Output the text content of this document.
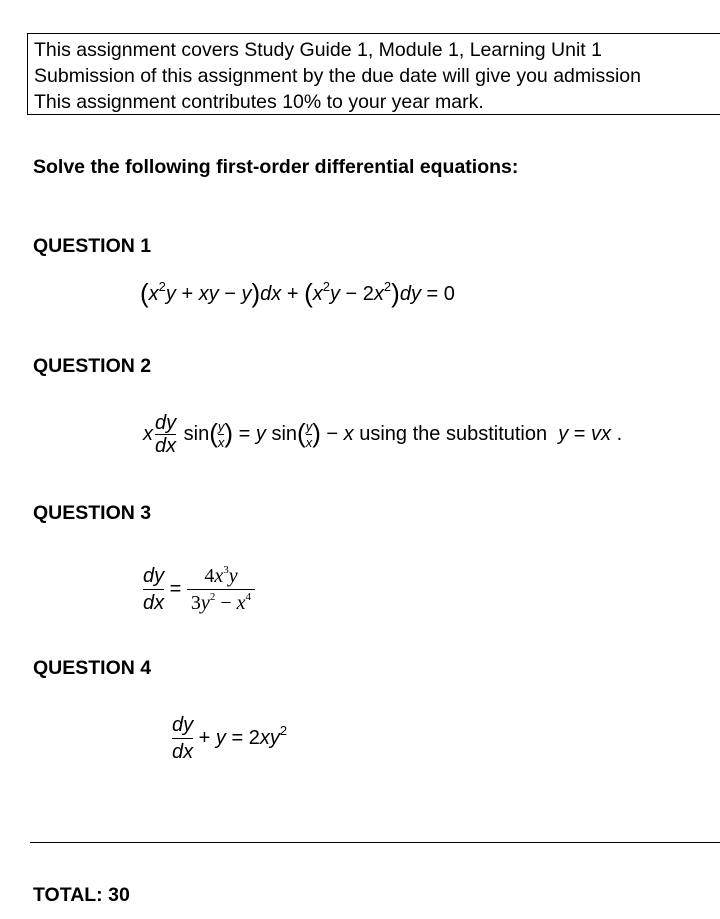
This assignment covers Study Guide 1, Module 1, Learning Unit 1
Submission of this assignment by the due date will give you admission
This assignment contributes 10% to your year mark.
Solve the following first-order differential equations:
QUESTION 1
($x^2y$ + xy − $y)dx + (x^2y - 2x^2)dy = 0$
QUESTION 2
x $\frac{dy}{dx} \sin( \frac{y}{x}$ ) = y $\sin( \frac{y}{x}$ ) − x using the substitution y = vx .
QUESTION 3
$\frac{dy}{dx} = \frac{4x^3y}{3y^2 - x^4}$
QUESTION 4
$\frac{dy}{dx} + y = 2xy^2$
TOTAL: 30
